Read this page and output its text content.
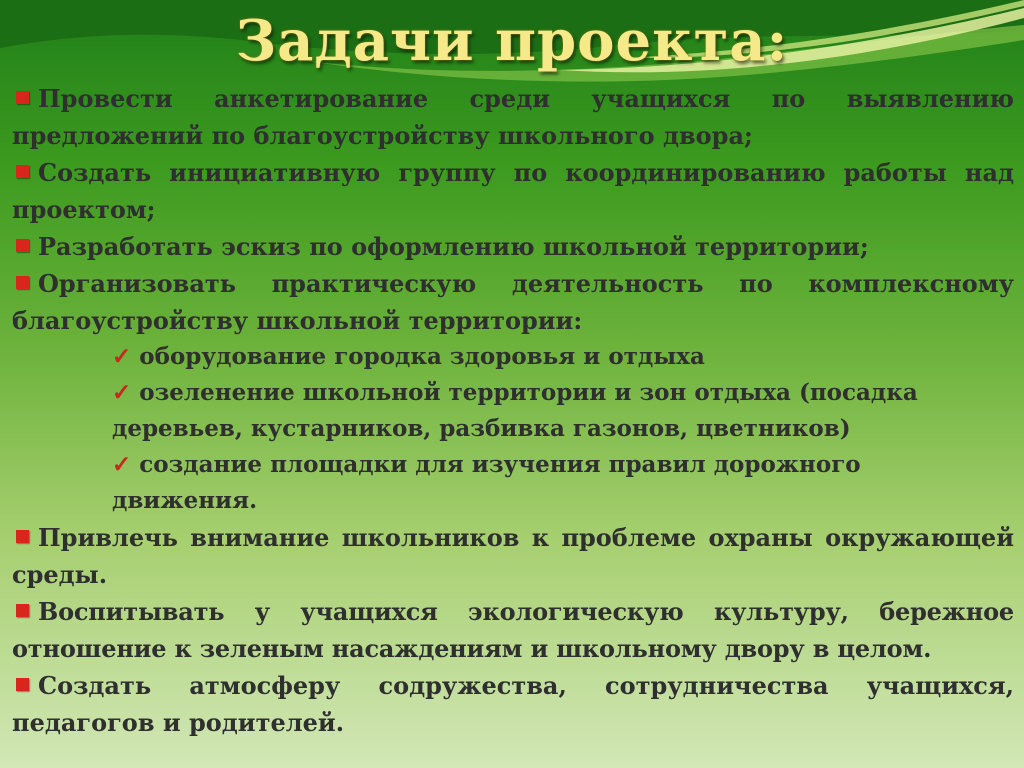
Задачи проекта:

Провести анкетирование среди учащихся по выявлению предложений по благоустройству школьного двора;

Создать инициативную группу по координированию работы над проектом;

Разработать эскиз по оформлению школьной территории;

Организовать практическую деятельность по комплексному благоустройству школьной территории:

✓ оборудование городка здоровья и отдыха

✓ озеленение школьной территории и зон отдыха (посадка деревьев, кустарников, разбивка газонов, цветников)

✓ создание площадки для изучения правил дорожного движения.

Привлечь внимание школьников к проблеме охраны окружающей среды.

Воспитывать у учащихся экологическую культуру, бережное отношение к зеленым насаждениям и школьному двору в целом.

Создать атмосферу содружества, сотрудничества учащихся, педагогов и родителей.
